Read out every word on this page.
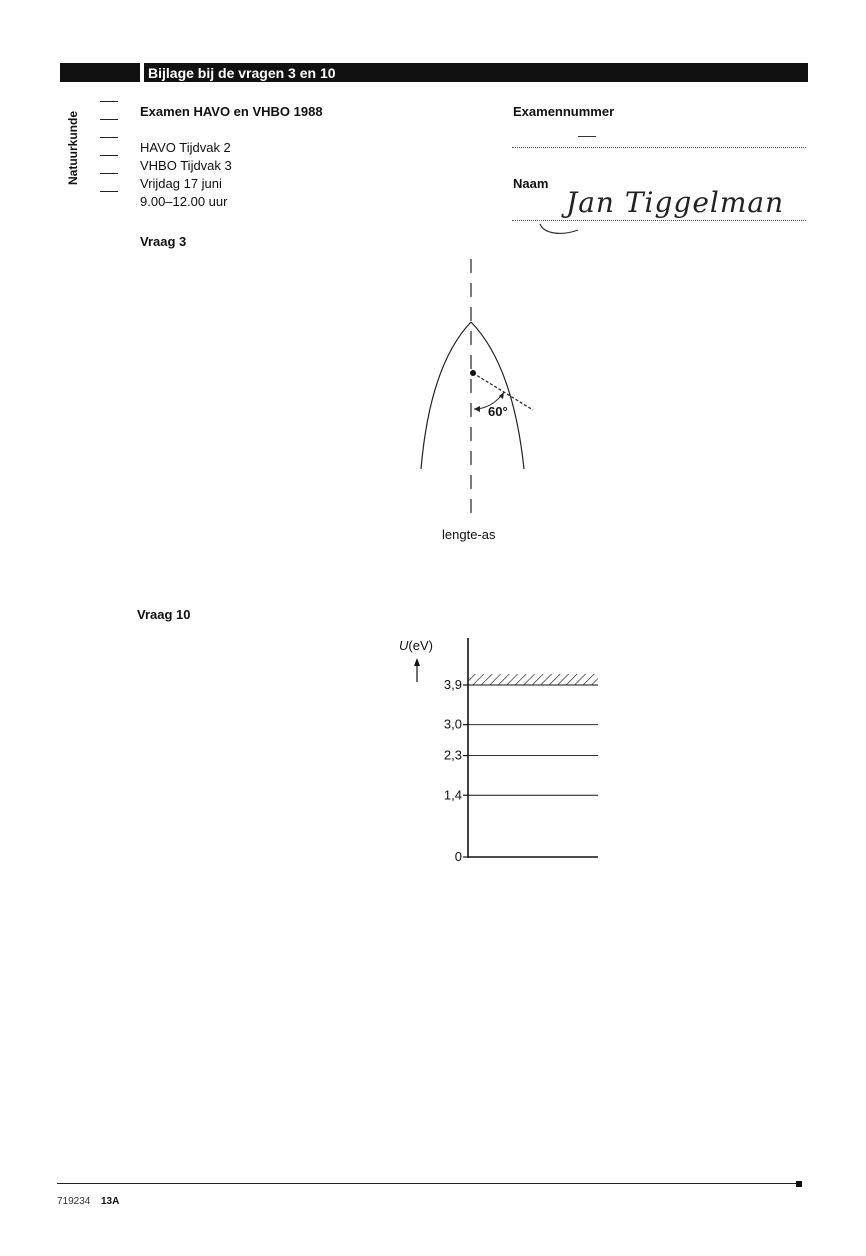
Bijlage bij de vragen 3 en 10
Natuurkunde	Examen HAVO en VHBO 1988
HAVO Tijdvak 2
VHBO Tijdvak 3
Vrijdag 17 juni
9.00–12.00 uur
Examennummer
Naam
Jan Tiggelman
Vraag 3
60°
lengte-as
Vraag 10
U(eV)
3,9
3,0
2,3
1,4
0
719234 13A
